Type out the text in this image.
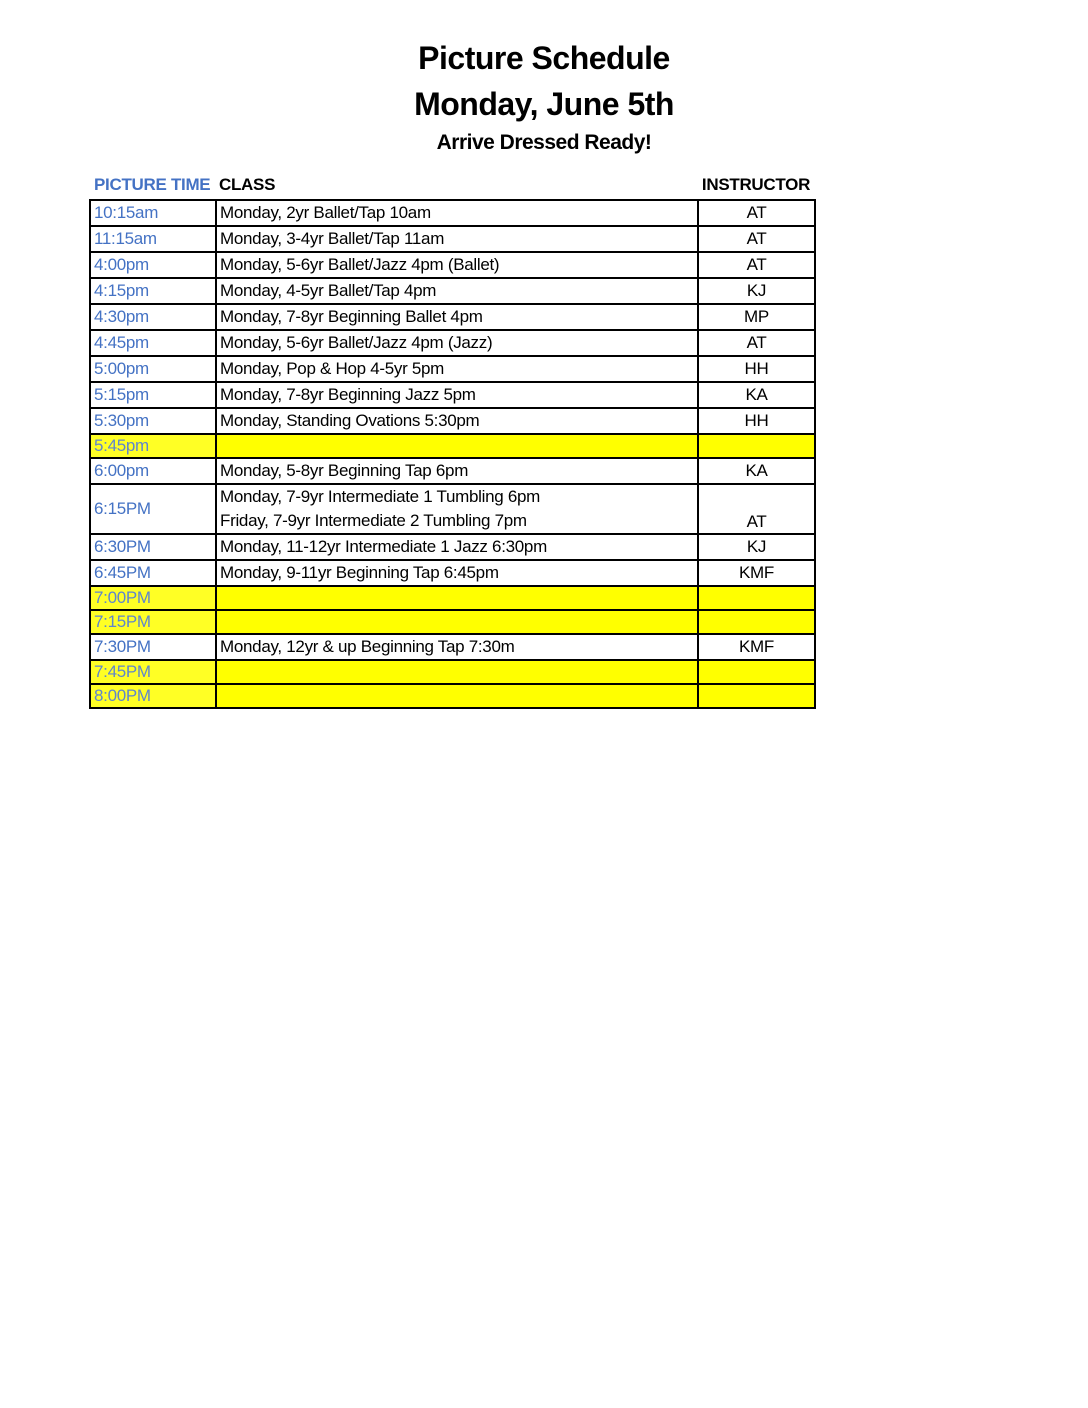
Picture Schedule
Monday, June 5th
Arrive Dressed Ready!
PICTURE TIME CLASS	INSTRUCTOR
10:15am	Monday, 2yr Ballet/Tap 10am	AT
11:15am	Monday, 3-4yr Ballet/Tap 11am	AT
4:00pm	Monday, 5-6yr Ballet/Jazz 4pm (Ballet)	AT
4:15pm	Monday, 4-5yr Ballet/Tap 4pm	KJ
4:30pm	Monday, 7-8yr Beginning Ballet 4pm	MP
4:45pm	Monday, 5-6yr Ballet/Jazz 4pm (Jazz)	AT
5:00pm	Monday, Pop & Hop 4-5yr 5pm	HH
5:15pm	Monday, 7-8yr Beginning Jazz 5pm	KA
5:30pm	Monday, Standing Ovations 5:30pm	HH
5:45pm		
6:00pm	Monday, 5-8yr Beginning Tap 6pm	KA
6:15PM	Monday, 7-9yr Intermediate 1 Tumbling 6pm
Friday, 7-9yr Intermediate 2 Tumbling 7pm	AT
6:30PM	Monday, 11-12yr Intermediate 1 Jazz 6:30pm	KJ
6:45PM	Monday, 9-11yr Beginning Tap 6:45pm	KMF
7:00PM		
7:15PM		
7:30PM	Monday, 12yr & up Beginning Tap 7:30m	KMF
7:45PM		
8:00PM		
